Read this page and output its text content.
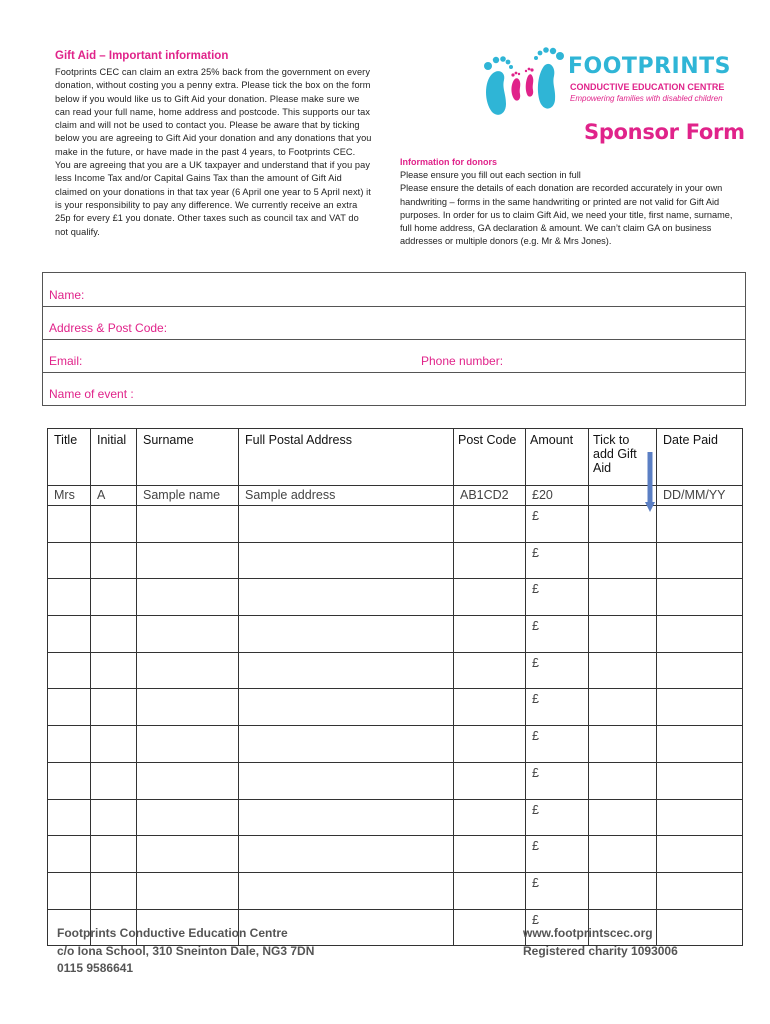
Gift Aid – Important information

Footprints CEC can claim an extra 25% back from the government on every donation, without costing you a penny extra. Please tick the box on the form below if you would like us to Gift Aid your donation. Please make sure we can read your full name, home address and postcode. This supports our tax claim and will not be used to contact you. Please be aware that by ticking below you are agreeing to Gift Aid your donation and any donations that you make in the future, or have made in the past 4 years, to Footprints CEC. You are agreeing that you are a UK taxpayer and understand that if you pay less Income Tax and/or Capital Gains Tax than the amount of Gift Aid claimed on your donations in that tax year (6 April one year to 5 April next) it is your responsibility to pay any difference. We currently receive an extra 25p for every £1 you donate. Other taxes such as council tax and VAT do not qualify.

FOOTPRINTS
CONDUCTIVE EDUCATION CENTRE
Empowering families with disabled children
Sponsor Form
Information for donors

Please ensure you fill out each section in full
Please ensure the details of each donation are recorded accurately in your own handwriting – forms in the same handwriting or printed are not valid for Gift Aid purposes. In order for us to claim Gift Aid, we need your title, first name, surname, full home address, GA declaration & amount. We can’t claim GA on business addresses or multiple donors (e.g. Mr & Mrs Jones).

Name:
Address & Post Code:
Email:	Phone number:
Name of event :
Title	Initial	Surname	Full Postal Address	Post Code	Amount	Tick to add Gift Aid	Date Paid
Mrs	A	Sample name	Sample address	AB1CD2	£20		DD/MM/YY
					£		
					£		
					£		
					£		
					£		
					£		
					£		
					£		
					£		
					£		
					£		
					£		
Footprints Conductive Education Centre
c/o Iona School, 310 Sneinton Dale, NG3 7DN
0115 9586641
www.footprintscec.org
Registered charity 1093006
